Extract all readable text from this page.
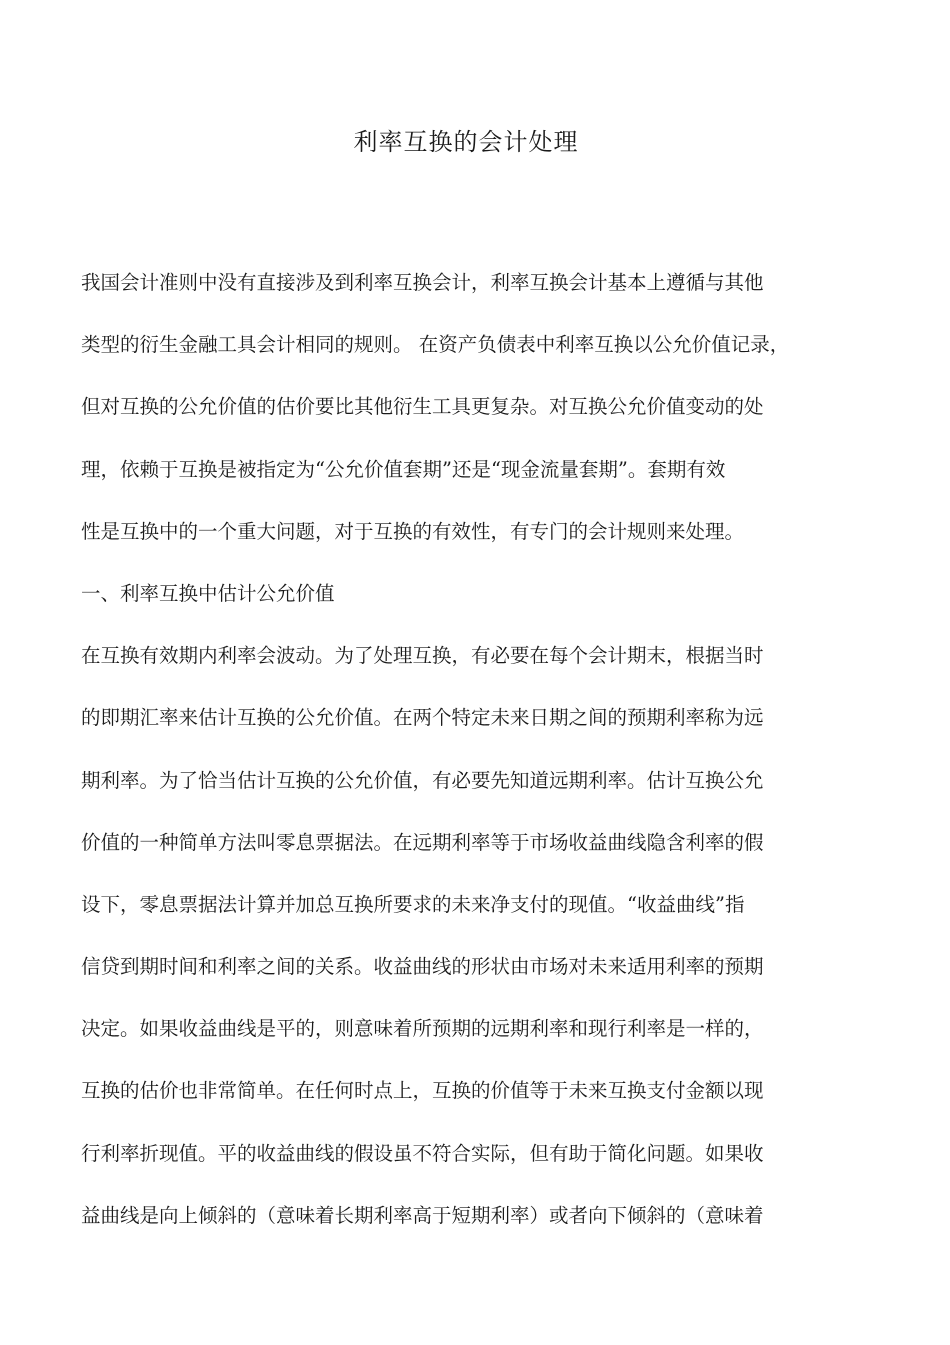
利率互换的会计处理
我国会计准则中没有直接涉及到利率互换会计，利率互换会计基本上遵循与其他
类型的衍生金融工具会计相同的规则。 在资产负债表中利率互换以公允价值记录，
但对互换的公允价值的估价要比其他衍生工具更复杂。对互换公允价值变动的处
理，依赖于互换是被指定为“公允价值套期”还是“现金流量套期”。套期有效
性是互换中的一个重大问题，对于互换的有效性，有专门的会计规则来处理。
一、利率互换中估计公允价值
在互换有效期内利率会波动。为了处理互换，有必要在每个会计期末，根据当时
的即期汇率来估计互换的公允价值。在两个特定未来日期之间的预期利率称为远
期利率。为了恰当估计互换的公允价值，有必要先知道远期利率。估计互换公允
价值的一种简单方法叫零息票据法。在远期利率等于市场收益曲线隐含利率的假
设下，零息票据法计算并加总互换所要求的未来净支付的现值。“收益曲线”指
信贷到期时间和利率之间的关系。收益曲线的形状由市场对未来适用利率的预期
决定。如果收益曲线是平的，则意味着所预期的远期利率和现行利率是一样的，
互换的估价也非常简单。在任何时点上，互换的价值等于未来互换支付金额以现
行利率折现值。平的收益曲线的假设虽不符合实际，但有助于简化问题。如果收
益曲线是向上倾斜的（意味着长期利率高于短期利率）或者向下倾斜的（意味着
